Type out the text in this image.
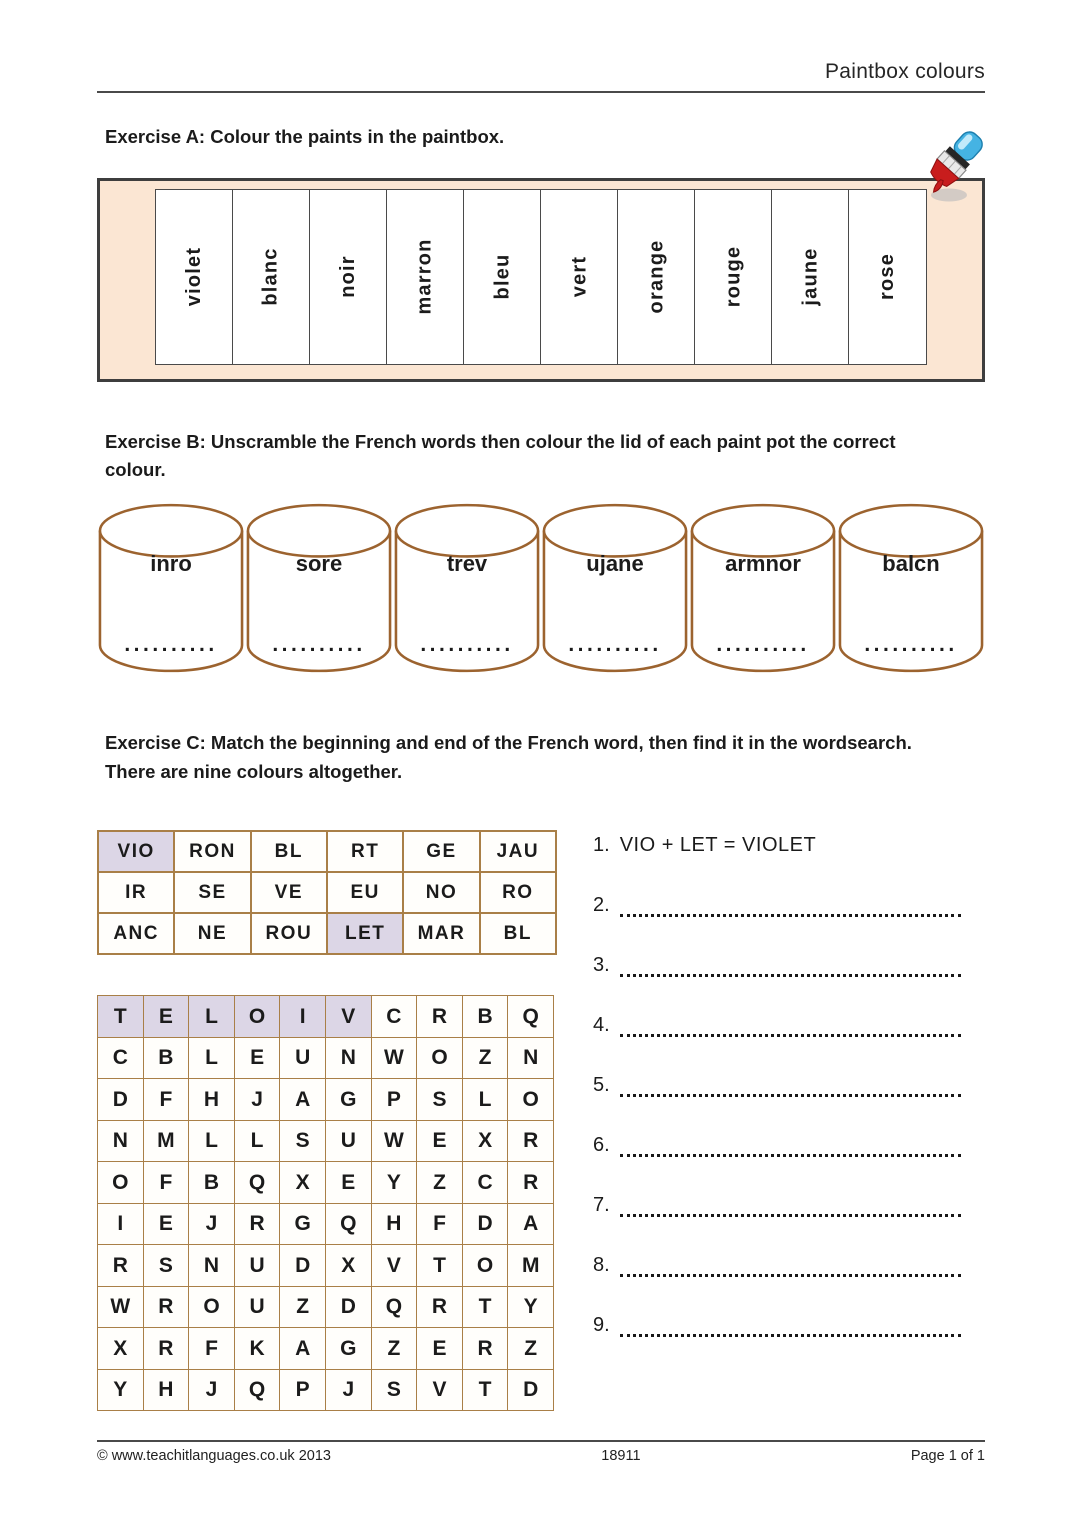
Paintbox colours

Exercise A: Colour the paints in the paintbox.

violet	blanc	noir	marron	bleu	vert	orange	rouge	jaune	rose

Exercise B: Unscramble the French words then colour the lid of each paint pot the correct colour.

inro
..........
sore
..........
trev
..........
ujane
..........
armnor
..........
balcn
..........

Exercise C: Match the beginning and end of the French word, then find it in the wordsearch. There are nine colours altogether.

VIO	RON	BL	RT	GE	JAU
IR	SE	VE	EU	NO	RO
ANC	NE	ROU	LET	MAR	BL
T	E	L	O	I	V	C	R	B	Q
C	B	L	E	U	N	W	O	Z	N
D	F	H	J	A	G	P	S	L	O
N	M	L	L	S	U	W	E	X	R
O	F	B	Q	X	E	Y	Z	C	R
I	E	J	R	G	Q	H	F	D	A
R	S	N	U	D	X	V	T	O	M
W	R	O	U	Z	D	Q	R	T	Y
X	R	F	K	A	G	Z	E	R	Z
Y	H	J	Q	P	J	S	V	T	D
1. VIO + LET = VIOLET
2.
3.
4.
5.
6.
7.
8.
9.
© www.teachitlanguages.co.uk 2013	18911	Page 1 of 1
